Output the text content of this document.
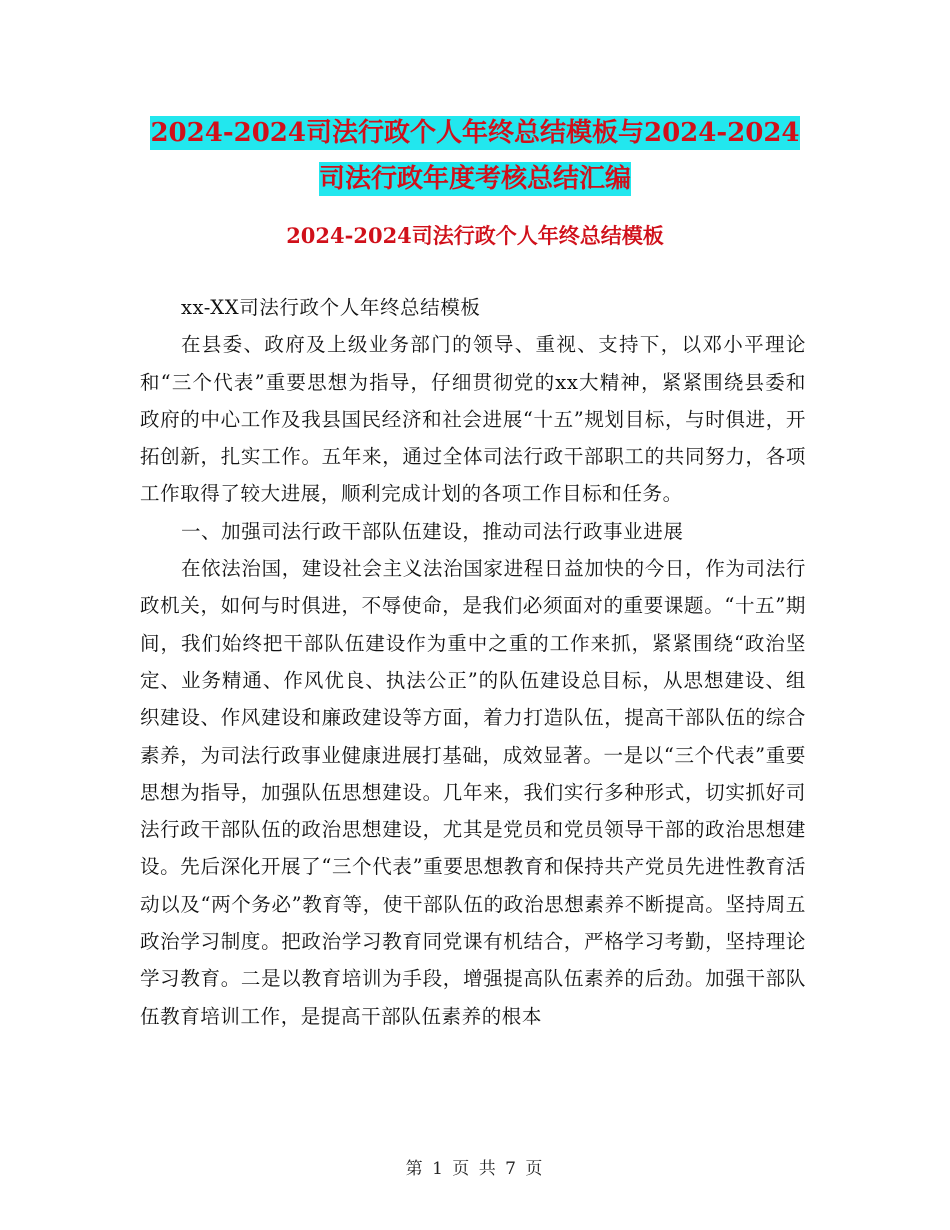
2024-2024司法行政个人年终总结模板与2024-2024司法行政年度考核总结汇编
2024-2024司法行政个人年终总结模板

xx-XX司法行政个人年终总结模板

在县委、政府及上级业务部门的领导、重视、支持下，以邓小平理论和“三个代表”重要思想为指导，仔细贯彻党的xx大精神，紧紧围绕县委和政府的中心工作及我县国民经济和社会进展“十五”规划目标，与时俱进，开拓创新，扎实工作。五年来，通过全体司法行政干部职工的共同努力，各项工作取得了较大进展，顺利完成计划的各项工作目标和任务。

一、加强司法行政干部队伍建设，推动司法行政事业进展

在依法治国，建设社会主义法治国家进程日益加快的今日，作为司法行政机关，如何与时俱进，不辱使命，是我们必须面对的重要课题。“十五”期间，我们始终把干部队伍建设作为重中之重的工作来抓，紧紧围绕“政治坚定、业务精通、作风优良、执法公正”的队伍建设总目标，从思想建设、组织建设、作风建设和廉政建设等方面，着力打造队伍，提高干部队伍的综合素养，为司法行政事业健康进展打基础，成效显著。一是以“三个代表”重要思想为指导，加强队伍思想建设。几年来，我们实行多种形式，切实抓好司法行政干部队伍的政治思想建设，尤其是党员和党员领导干部的政治思想建设。先后深化开展了“三个代表”重要思想教育和保持共产党员先进性教育活动以及“两个务必”教育等，使干部队伍的政治思想素养不断提高。坚持周五政治学习制度。把政治学习教育同党课有机结合，严格学习考勤，坚持理论学习教育。二是以教育培训为手段，增强提高队伍素养的后劲。加强干部队伍教育培训工作，是提高干部队伍素养的根本

第 1 页 共 7 页
